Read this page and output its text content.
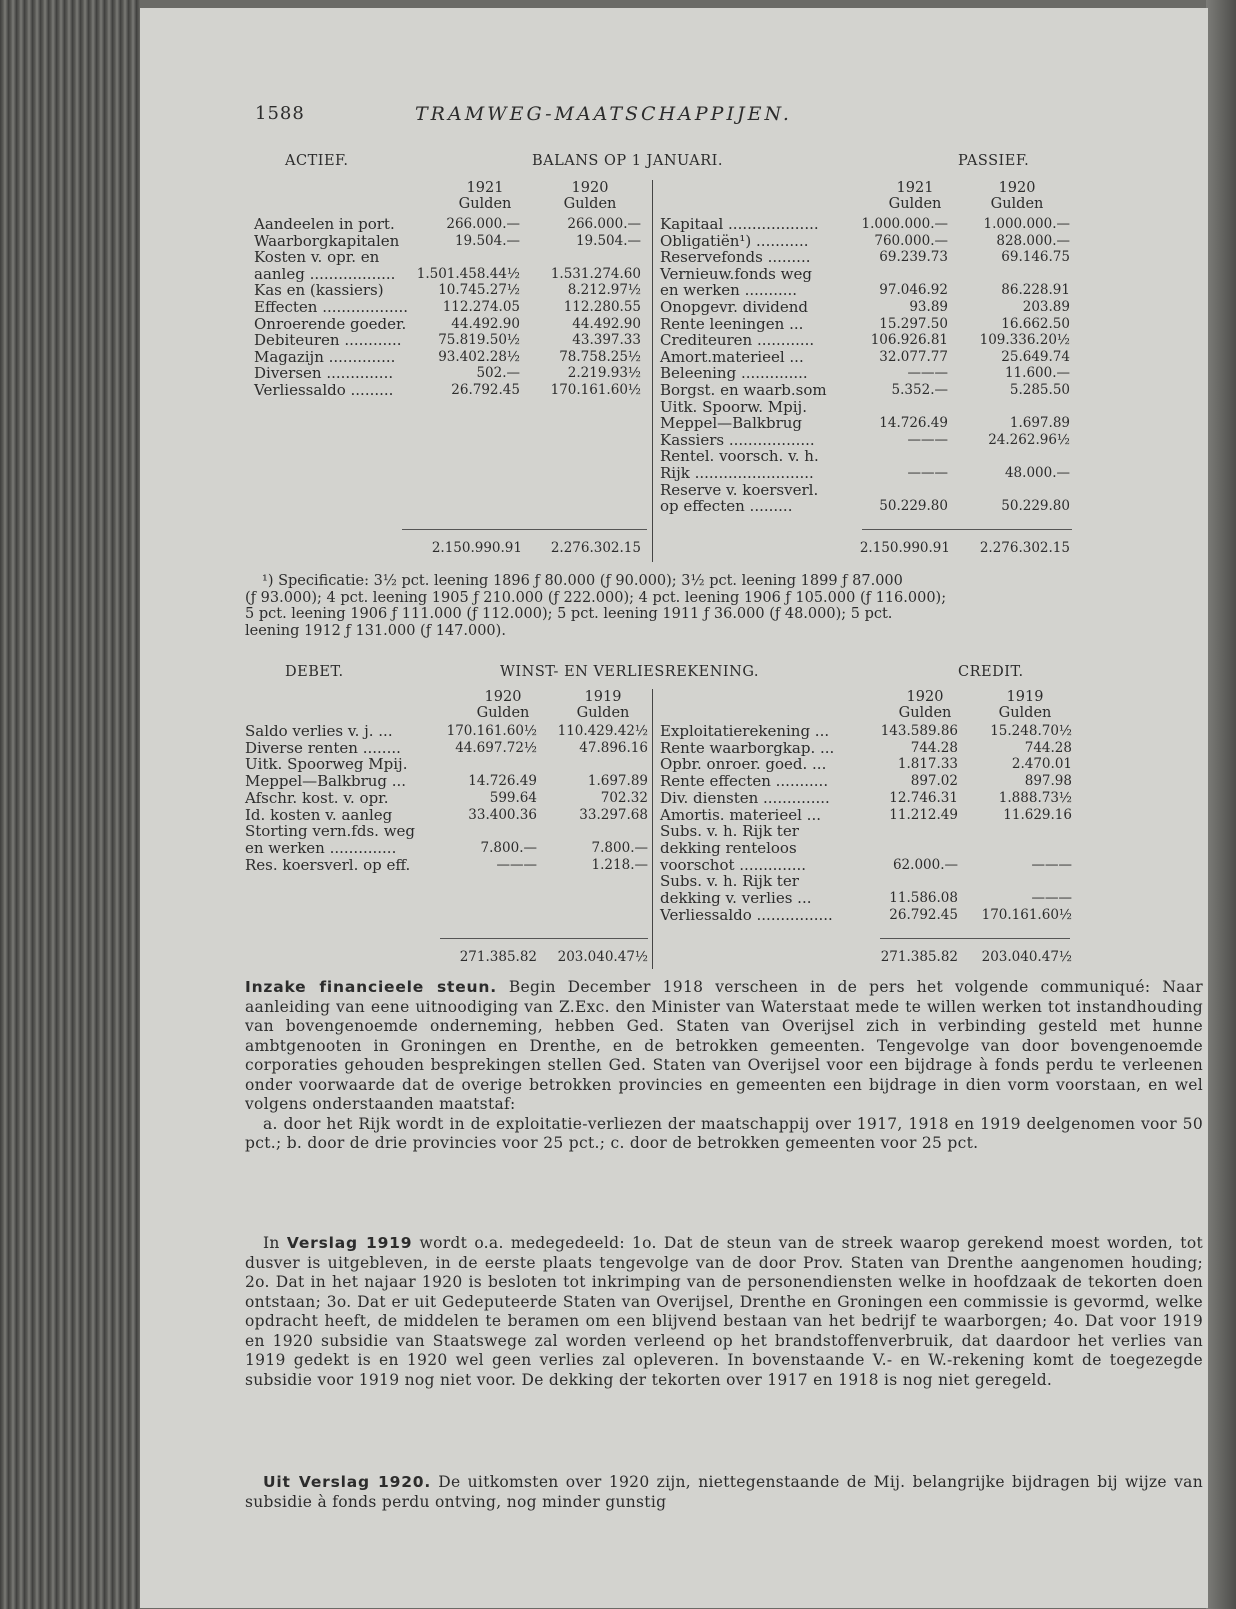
1588	TRAMWEG-MAATSCHAPPIJEN.
ACTIEF.	BALANS OP 1 JANUARI.	PASSIEF.
1921	1920
Gulden	Gulden
1921	1920
Gulden	Gulden
Aandeelen in port.	266.000.—	266.000.—
Waarborgkapitalen	19.504.—	19.504.—
Kosten v. opr. en
aanleg ..................	1.501.458.44½	1.531.274.60
Kas en (kassiers)	10.745.27½	8.212.97½
Effecten ..................	112.274.05	112.280.55
Onroerende goeder.	44.492.90	44.492.90
Debiteuren ............	75.819.50½	43.397.33
Magazijn ..............	93.402.28½	78.758.25½
Diversen ..............	502.—	2.219.93½
Verliessaldo .........	26.792.45	170.161.60½
Kapitaal ...................	1.000.000.—	1.000.000.—
Obligatiën¹) ...........	760.000.—	828.000.—
Reservefonds .........	69.239.73	69.146.75
Vernieuw.fonds weg
en werken ...........	97.046.92	86.228.91
Onopgevr. dividend	93.89	203.89
Rente leeningen ...	15.297.50	16.662.50
Crediteuren ............	106.926.81	109.336.20½
Amort.materieel ...	32.077.77	25.649.74
Beleening ..............	———	11.600.—
Borgst. en waarb.som	5.352.—	5.285.50
Uitk. Spoorw. Mpij.
Meppel—Balkbrug	14.726.49	1.697.89
Kassiers ..................	———	24.262.96½
Rentel. voorsch. v. h.
Rijk .........................	———	48.000.—
Reserve v. koersverl.
op effecten .........	50.229.80	50.229.80
2.150.990.91	2.276.302.15	2.150.990.91	2.276.302.15
¹) Specificatie: 3½ pct. leening 1896 ƒ 80.000 (ƒ 90.000); 3½ pct. leening 1899 ƒ 87.000
(ƒ 93.000); 4 pct. leening 1905 ƒ 210.000 (ƒ 222.000); 4 pct. leening 1906 ƒ 105.000 (ƒ 116.000);
5 pct. leening 1906 ƒ 111.000 (ƒ 112.000); 5 pct. leening 1911 ƒ 36.000 (ƒ 48.000); 5 pct.
leening 1912 ƒ 131.000 (ƒ 147.000).
DEBET.	WINST- EN VERLIESREKENING.	CREDIT.
1920	1919
Gulden	Gulden
1920	1919
Gulden	Gulden
Saldo verlies v. j. ...	170.161.60½	110.429.42½
Diverse renten ........	44.697.72½	47.896.16
Uitk. Spoorweg Mpij.
Meppel—Balkbrug ...	14.726.49	1.697.89
Afschr. kost. v. opr.	599.64	702.32
Id. kosten v. aanleg	33.400.36	33.297.68
Storting vern.fds. weg
en werken ..............	7.800.—	7.800.—
Res. koersverl. op eff.	———	1.218.—
Exploitatierekening ...	143.589.86	15.248.70½
Rente waarborgkap. ...	744.28	744.28
Opbr. onroer. goed. ...	1.817.33	2.470.01
Rente effecten ...........	897.02	897.98
Div. diensten ..............	12.746.31	1.888.73½
Amortis. materieel ...	11.212.49	11.629.16
Subs. v. h. Rijk ter
dekking renteloos
voorschot ..............	62.000.—	———
Subs. v. h. Rijk ter
dekking v. verlies ...	11.586.08	———
Verliessaldo ................	26.792.45	170.161.60½
271.385.82	203.040.47½	271.385.82	203.040.47½

Inzake financieele steun. Begin December 1918 verscheen in de pers het volgende communiqué: Naar aanleiding van eene uitnoodiging van Z.Exc. den Minister van Waterstaat mede te willen werken tot instandhouding van bovengenoemde onderneming, hebben Ged. Staten van Overijsel zich in verbinding gesteld met hunne ambtgenooten in Groningen en Drenthe, en de betrokken gemeenten. Tengevolge van door bovengenoemde corporaties gehouden besprekingen stellen Ged. Staten van Overijsel voor een bijdrage à fonds perdu te verleenen onder voorwaarde dat de overige betrokken provincies en gemeenten een bijdrage in dien vorm voorstaan, en wel volgens onderstaanden maatstaf:

a. door het Rijk wordt in de exploitatie-verliezen der maatschappij over 1917, 1918 en 1919 deelgenomen voor 50 pct.; b. door de drie provincies voor 25 pct.; c. door de betrokken gemeenten voor 25 pct.

In Verslag 1919 wordt o.a. medegedeeld: 1o. Dat de steun van de streek waarop gerekend moest worden, tot dusver is uitgebleven, in de eerste plaats tengevolge van de door Prov. Staten van Drenthe aangenomen houding; 2o. Dat in het najaar 1920 is besloten tot inkrimping van de personendiensten welke in hoofdzaak de tekorten doen ontstaan; 3o. Dat er uit Gedeputeerde Staten van Overijsel, Drenthe en Groningen een commissie is gevormd, welke opdracht heeft, de middelen te beramen om een blijvend bestaan van het bedrijf te waarborgen; 4o. Dat voor 1919 en 1920 subsidie van Staatswege zal worden verleend op het brandstoffenverbruik, dat daardoor het verlies van 1919 gedekt is en 1920 wel geen verlies zal opleveren. In bovenstaande V.- en W.-rekening komt de toegezegde subsidie voor 1919 nog niet voor. De dekking der tekorten over 1917 en 1918 is nog niet geregeld.

Uit Verslag 1920. De uitkomsten over 1920 zijn, niettegenstaande de Mij. belangrijke bijdragen bij wijze van subsidie à fonds perdu ontving, nog minder gunstig
